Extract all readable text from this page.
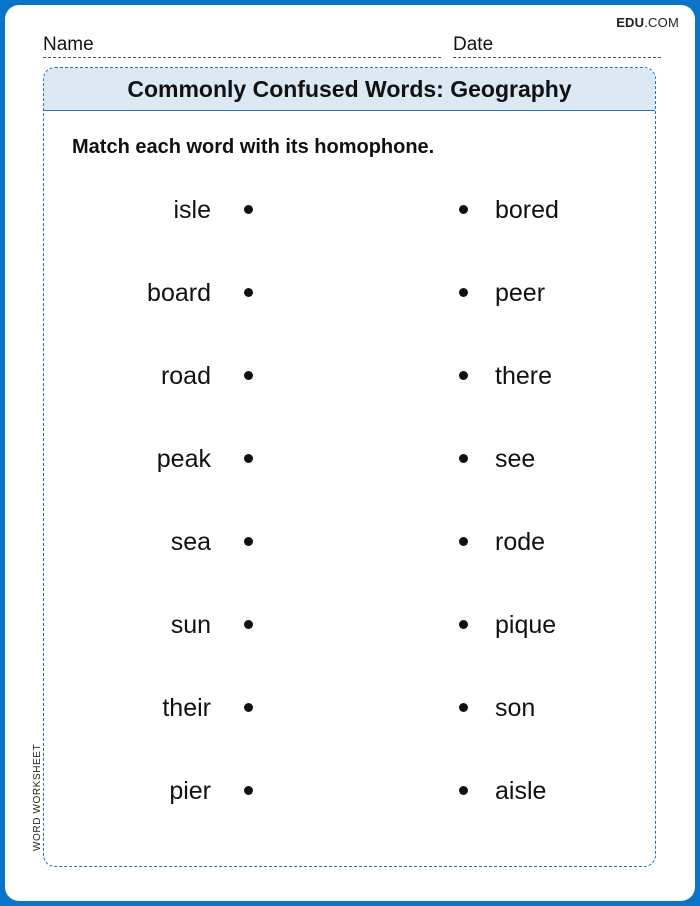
EDU.COM
Name	Date
Commonly Confused Words: Geography

Match each word with its homophone.

isle	bored
board	peer
road	there
peak	see
sea	rode
sun	pique
their	son
pier	aisle
WORD WORKSHEET
